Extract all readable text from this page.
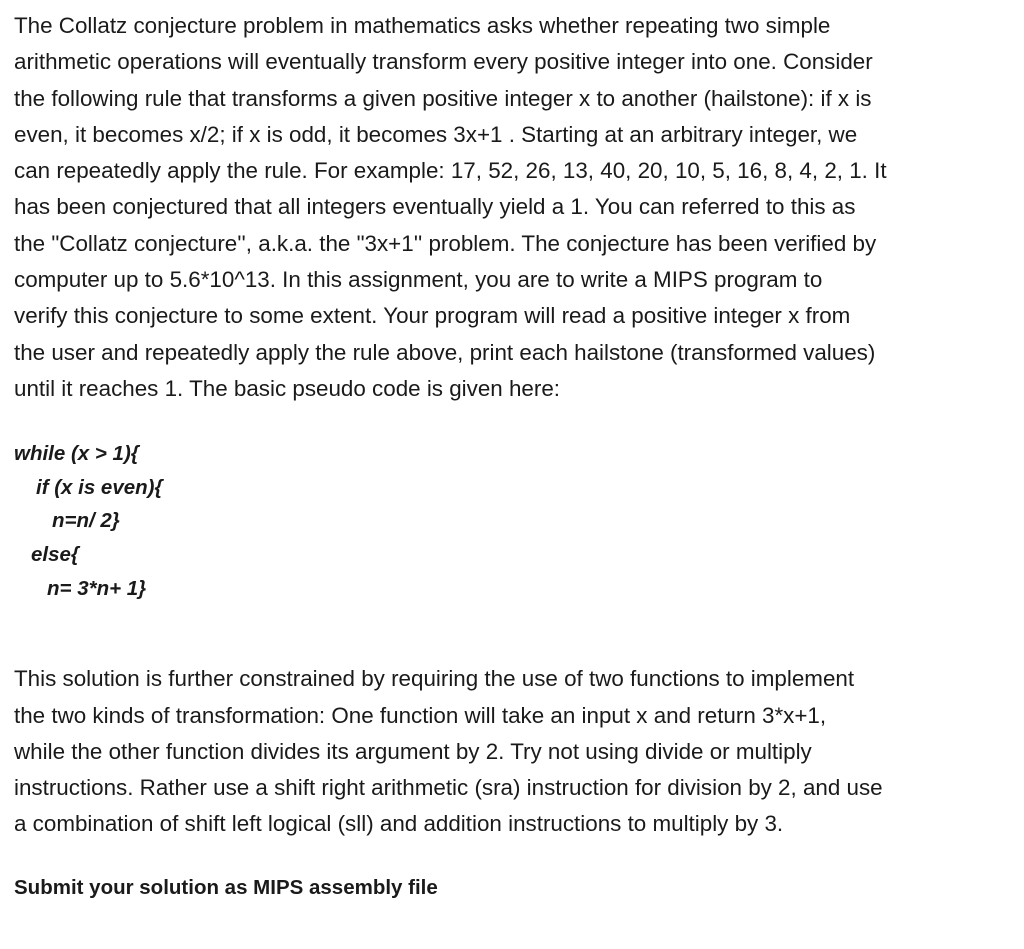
The Collatz conjecture problem in mathematics asks whether repeating two simple

arithmetic operations will eventually transform every positive integer into one. Consider

the following rule that transforms a given positive integer x to another (hailstone): if x is

even, it becomes x/2; if x is odd, it becomes 3x+1 . Starting at an arbitrary integer, we

can repeatedly apply the rule. For example: 17, 52, 26, 13, 40, 20, 10, 5, 16, 8, 4, 2, 1. It

has been conjectured that all integers eventually yield a 1. You can referred to this as

the "Collatz conjecture'', a.k.a. the "3x+1'' problem. The conjecture has been verified by

computer up to 5.6*10^13. In this assignment, you are to write a MIPS program to

verify this conjecture to some extent. Your program will read a positive integer x from

the user and repeatedly apply the rule above, print each hailstone (transformed values)

until it reaches 1. The basic pseudo code is given here:

while (x > 1){
if (x is even){
n=n/ 2}
else{
n= 3*n+ 1}

This solution is further constrained by requiring the use of two functions to implement

the two kinds of transformation: One function will take an input x and return 3*x+1,

while the other function divides its argument by 2. Try not using divide or multiply

instructions. Rather use a shift right arithmetic (sra) instruction for division by 2, and use

a combination of shift left logical (sll) and addition instructions to multiply by 3.

Submit your solution as MIPS assembly file
